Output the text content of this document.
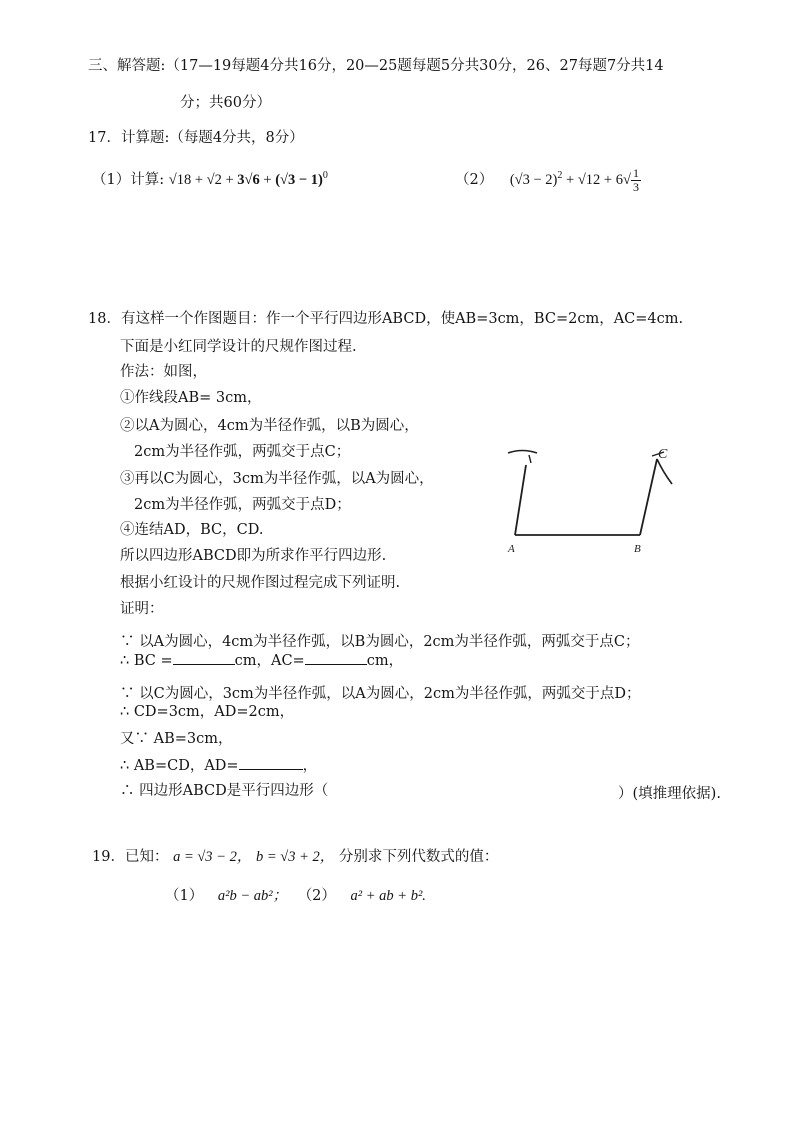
三、解答题:（17—19每题4分共16分，20—25题每题5分共30分，26、27每题7分共14
分；共60分）
17．计算题:（每题4分共，8分）
（1）计算: $√18 + √2 + 3√6 + (√3 - 1)^0$	（2） $(√3 - 2)^2 + √12 + 6√ \frac{1}{3}$
18．有这样一个作图题目：作一个平行四边形ABCD，使AB=3cm，BC=2cm，AC=4cm.
下面是小红同学设计的尺规作图过程.
作法：如图，
①作线段AB= 3cm，
②以A为圆心，4cm为半径作弧，以B为圆心，
2cm为半径作弧，两弧交于点C；
③再以C为圆心，3cm为半径作弧，以A为圆心，
2cm为半径作弧，两弧交于点D；
④连结AD，BC，CD.
所以四边形ABCD即为所求作平行四边形.
根据小红设计的尺规作图过程完成下列证明.
证明：
∵ 以A为圆心，4cm为半径作弧，以B为圆心，2cm为半径作弧，两弧交于点C；
∴ BC =	cm，AC=	cm，
∵ 以C为圆心，3cm为半径作弧，以A为圆心，2cm为半径作弧，两弧交于点D；
∴ CD=3cm，AD=2cm，
又∵ AB=3cm，
∴ AB=CD，AD=	，
∴ 四边形ABCD是平行四边形（	）(填推理依据).
A	B
C
19．已知： a = √3 − 2， b = √3 + 2， 分别求下列代数式的值：
（1） a²b − ab²； （2） a² + ab + b².
